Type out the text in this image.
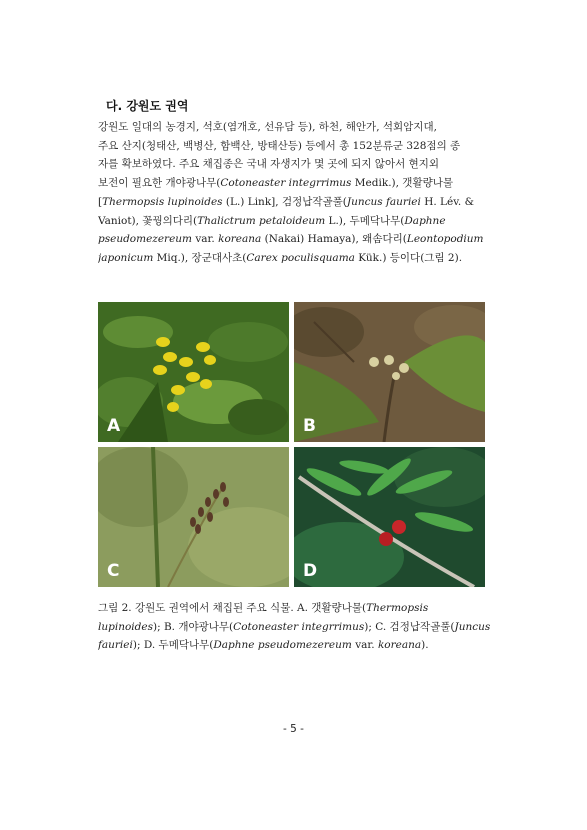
다. 강원도 권역
강원도 일대의 농경지, 석호(염개호, 선유담 등), 하천, 해안가, 석회암지대,
주요 산지(청태산, 백병산, 함백산, 방태산등) 등에서 총 152분류군 328점의 종
자를 확보하였다. 주요 채집종은 국내 자생지가 몇 곳에 되지 않아서 현지외
보전이 필요한 개야광나무(Cotoneaster integrrimus Medik.), 갯활량나물
[Thermopsis lupinoides (L.) Link], 검정납작골풀(Juncus fauriei H. Lév. &
Vaniot), 꽃꿩의다리(Thalictrum petaloideum L.), 두메닥나무(Daphne
pseudomezereum var. koreana (Nakai) Hamaya), 왜솜다리(Leontopodium
japonicum Miq.), 장군대사초(Carex poculisquama Kük.) 등이다(그림 2).
A	B
C	D
그림 2. 강원도 권역에서 채집된 주요 식물. A. 갯활량나물(Thermopsis
lupinoides); B. 개야광나무(Cotoneaster integrrimus); C. 검정납작골풀(Juncus
fauriei); D. 두메닥나무(Daphne pseudomezereum var. koreana).
- 5 -
